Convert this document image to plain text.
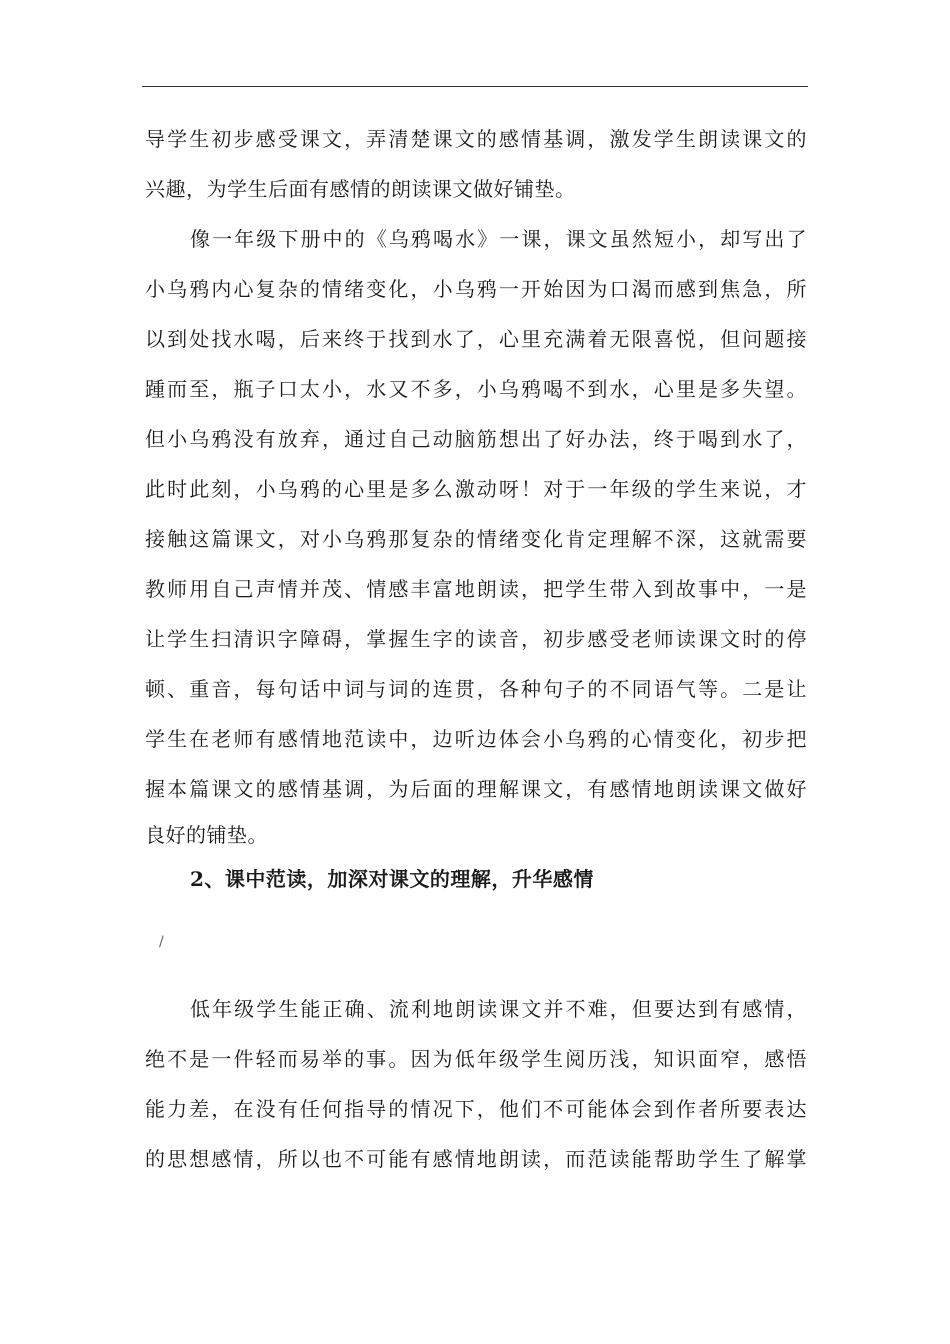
导学生初步感受课文，弄清楚课文的感情基调，激发学生朗读课文的
兴趣，为学生后面有感情的朗读课文做好铺垫。
像一年级下册中的《乌鸦喝水》一课，课文虽然短小，却写出了
小乌鸦内心复杂的情绪变化，小乌鸦一开始因为口渴而感到焦急，所
以到处找水喝，后来终于找到水了，心里充满着无限喜悦，但问题接
踵而至，瓶子口太小，水又不多，小乌鸦喝不到水，心里是多失望。
但小乌鸦没有放弃，通过自己动脑筋想出了好办法，终于喝到水了，
此时此刻，小乌鸦的心里是多么激动呀！对于一年级的学生来说，才
接触这篇课文，对小乌鸦那复杂的情绪变化肯定理解不深，这就需要
教师用自己声情并茂、情感丰富地朗读，把学生带入到故事中，一是
让学生扫清识字障碍，掌握生字的读音，初步感受老师读课文时的停
顿、重音，每句话中词与词的连贯，各种句子的不同语气等。二是让
学生在老师有感情地范读中，边听边体会小乌鸦的心情变化，初步把
握本篇课文的感情基调，为后面的理解课文，有感情地朗读课文做好
良好的铺垫。
2、课中范读，加深对课文的理解，升华感情
/
低年级学生能正确、流利地朗读课文并不难，但要达到有感情，
绝不是一件轻而易举的事。因为低年级学生阅历浅，知识面窄，感悟
能力差，在没有任何指导的情况下，他们不可能体会到作者所要表达
的思想感情，所以也不可能有感情地朗读，而范读能帮助学生了解掌
